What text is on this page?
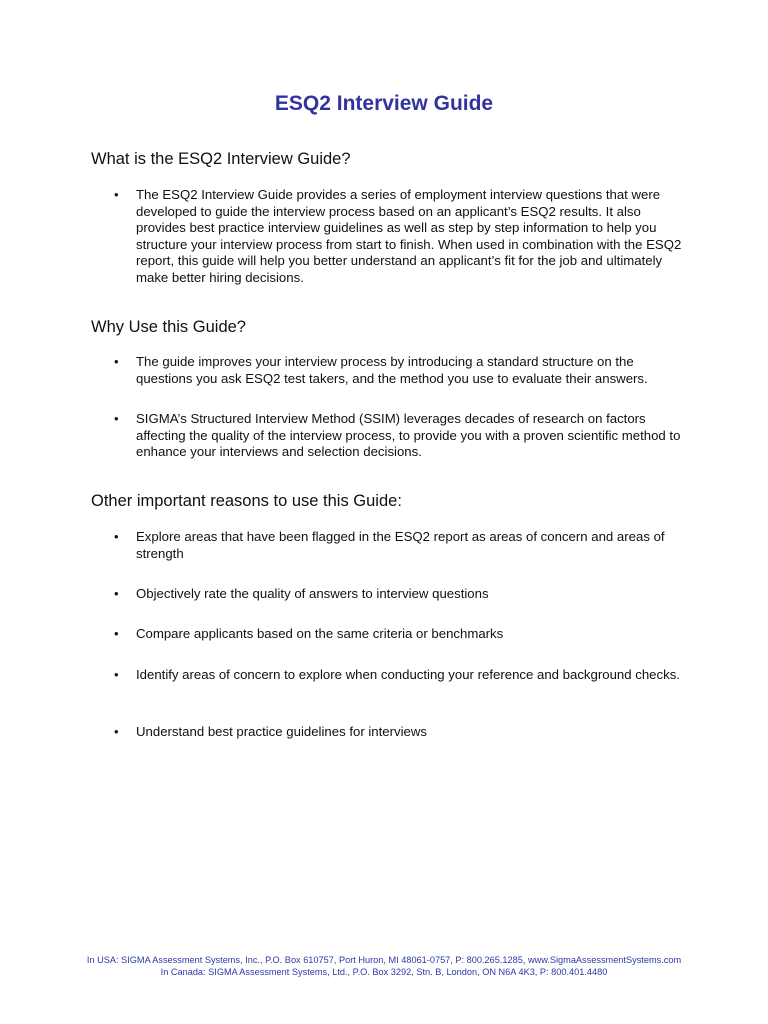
ESQ2 Interview Guide
What is the ESQ2 Interview Guide?
•	The ESQ2 Interview Guide provides a series of employment interview questions that were developed to guide the interview process based on an applicant’s ESQ2 results. It also provides best practice interview guidelines as well as step by step information to help you structure your interview process from start to finish. When used in combination with the ESQ2 report, this guide will help you better understand an applicant’s fit for the job and ultimately make better hiring decisions.
Why Use this Guide?
•	The guide improves your interview process by introducing a standard structure on the questions you ask ESQ2 test takers, and the method you use to evaluate their answers.
•	SIGMA’s Structured Interview Method (SSIM) leverages decades of research on factors affecting the quality of the interview process, to provide you with a proven scientific method to enhance your interviews and selection decisions.
Other important reasons to use this Guide:
•	Explore areas that have been flagged in the ESQ2 report as areas of concern and areas of strength
•	Objectively rate the quality of answers to interview questions
•	Compare applicants based on the same criteria or benchmarks
•	Identify areas of concern to explore when conducting your reference and background checks.
•	Understand best practice guidelines for interviews
In USA: SIGMA Assessment Systems, Inc., P.O. Box 610757, Port Huron, MI 48061-0757, P: 800.265.1285, www.SigmaAssessmentSystems.com
In Canada: SIGMA Assessment Systems, Ltd., P.O. Box 3292, Stn. B, London, ON N6A 4K3, P: 800.401.4480
